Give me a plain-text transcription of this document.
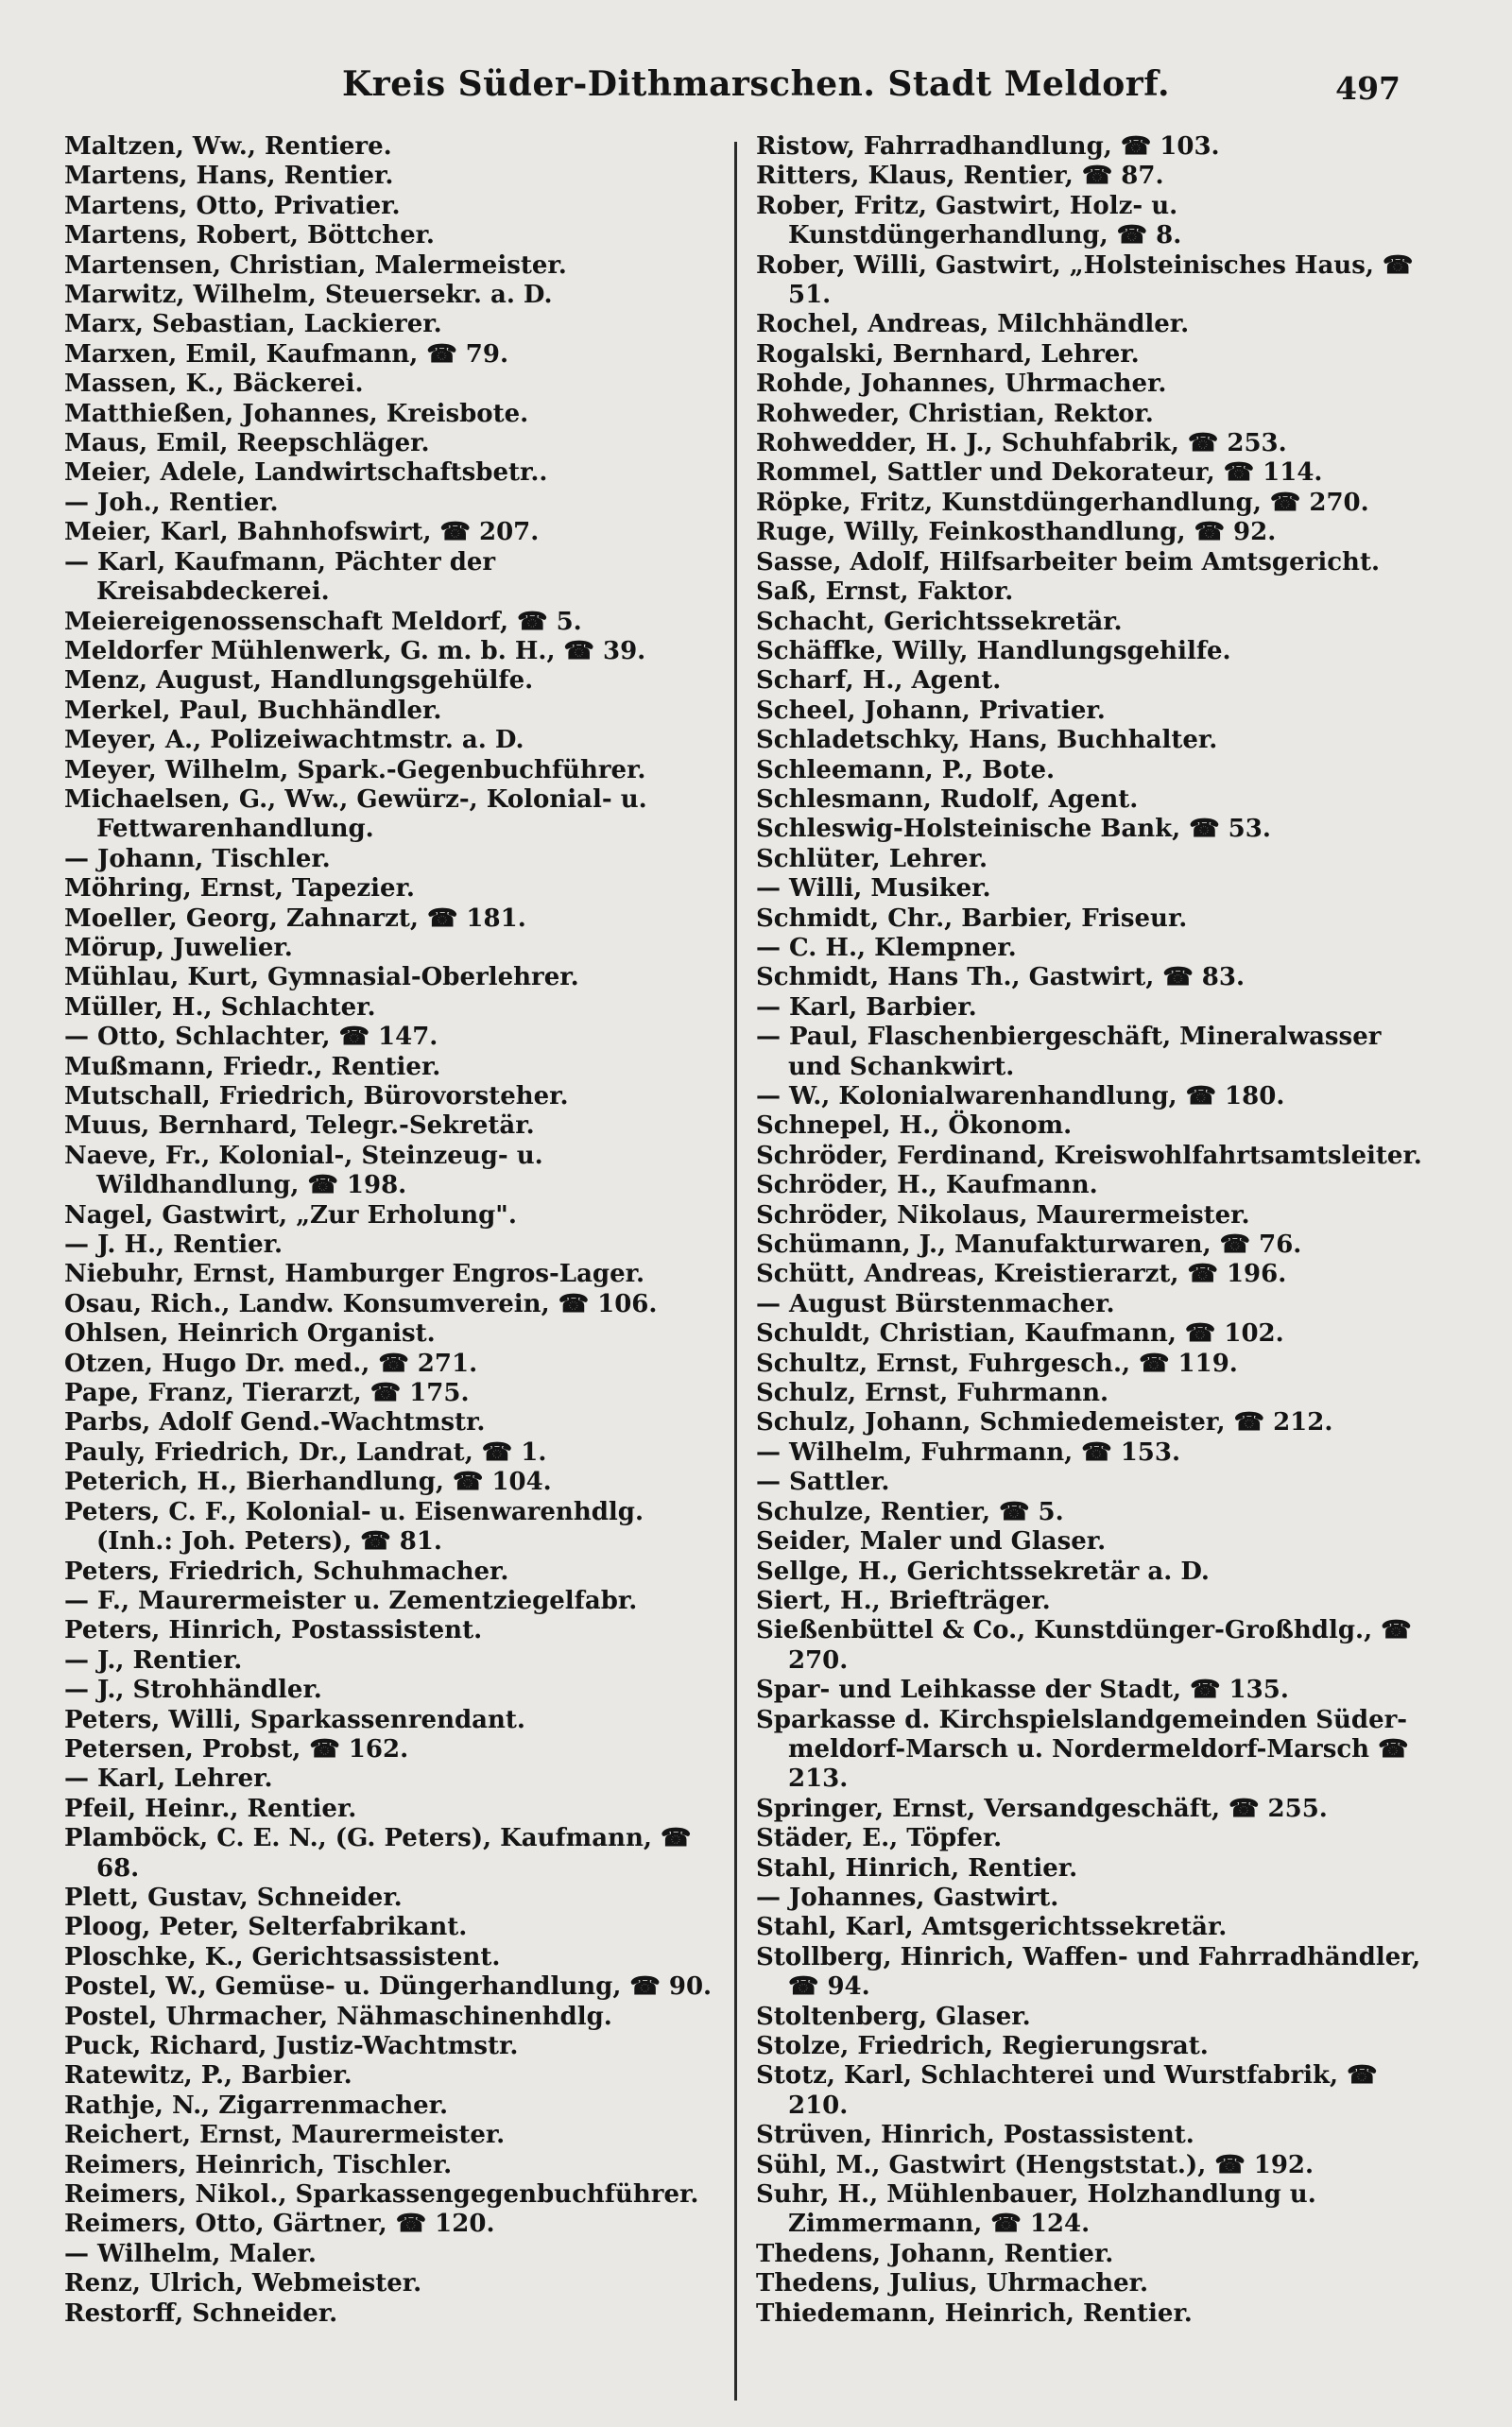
Kreis Süder-Dithmarschen. Stadt Meldorf.	497
Maltzen, Ww., Rentiere.
Martens, Hans, Rentier.
Martens, Otto, Privatier.
Martens, Robert, Böttcher.
Martensen, Christian, Malermeister.
Marwitz, Wilhelm, Steuersekr. a. D.
Marx, Sebastian, Lackierer.
Marxen, Emil, Kaufmann, ☎ 79.
Massen, K., Bäckerei.
Matthießen, Johannes, Kreisbote.
Maus, Emil, Reepschläger.
Meier, Adele, Landwirtschaftsbetr..
— Joh., Rentier.
Meier, Karl, Bahnhofswirt, ☎ 207.
— Karl, Kaufmann, Pächter der Kreisabdeckerei.
Meiereigenossenschaft Meldorf, ☎ 5.
Meldorfer Mühlenwerk, G. m. b. H., ☎ 39.
Menz, August, Handlungsgehülfe.
Merkel, Paul, Buchhändler.
Meyer, A., Polizeiwachtmstr. a. D.
Meyer, Wilhelm, Spark.-Gegenbuchführer.
Michaelsen, G., Ww., Gewürz-, Kolonial- u. Fettwarenhandlung.
— Johann, Tischler.
Möhring, Ernst, Tapezier.
Moeller, Georg, Zahnarzt, ☎ 181.
Mörup, Juwelier.
Mühlau, Kurt, Gymnasial-Oberlehrer.
Müller, H., Schlachter.
— Otto, Schlachter, ☎ 147.
Mußmann, Friedr., Rentier.
Mutschall, Friedrich, Bürovorsteher.
Muus, Bernhard, Telegr.-Sekretär.
Naeve, Fr., Kolonial-, Steinzeug- u. Wildhandlung, ☎ 198.
Nagel, Gastwirt, „Zur Erholung".
— J. H., Rentier.
Niebuhr, Ernst, Hamburger Engros-Lager.
Osau, Rich., Landw. Konsumverein, ☎ 106.
Ohlsen, Heinrich Organist.
Otzen, Hugo Dr. med., ☎ 271.
Pape, Franz, Tierarzt, ☎ 175.
Parbs, Adolf Gend.-Wachtmstr.
Pauly, Friedrich, Dr., Landrat, ☎ 1.
Peterich, H., Bierhandlung, ☎ 104.
Peters, C. F., Kolonial- u. Eisenwarenhdlg. (Inh.: Joh. Peters), ☎ 81.
Peters, Friedrich, Schuhmacher.
— F., Maurermeister u. Zementziegelfabr.
Peters, Hinrich, Postassistent.
— J., Rentier.
— J., Strohhändler.
Peters, Willi, Sparkassenrendant.
Petersen, Probst, ☎ 162.
— Karl, Lehrer.
Pfeil, Heinr., Rentier.
Plamböck, C. E. N., (G. Peters), Kaufmann, ☎ 68.
Plett, Gustav, Schneider.
Ploog, Peter, Selterfabrikant.
Ploschke, K., Gerichtsassistent.
Postel, W., Gemüse- u. Düngerhandlung, ☎ 90.
Postel, Uhrmacher, Nähmaschinenhdlg.
Puck, Richard, Justiz-Wachtmstr.
Ratewitz, P., Barbier.
Rathje, N., Zigarrenmacher.
Reichert, Ernst, Maurermeister.
Reimers, Heinrich, Tischler.
Reimers, Nikol., Sparkassengegenbuchführer.
Reimers, Otto, Gärtner, ☎ 120.
— Wilhelm, Maler.
Renz, Ulrich, Webmeister.
Restorff, Schneider.
Ristow, Fahrradhandlung, ☎ 103.
Ritters, Klaus, Rentier, ☎ 87.
Rober, Fritz, Gastwirt, Holz- u. Kunstdüngerhandlung, ☎ 8.
Rober, Willi, Gastwirt, „Holsteinisches Haus, ☎ 51.
Rochel, Andreas, Milchhändler.
Rogalski, Bernhard, Lehrer.
Rohde, Johannes, Uhrmacher.
Rohweder, Christian, Rektor.
Rohwedder, H. J., Schuhfabrik, ☎ 253.
Rommel, Sattler und Dekorateur, ☎ 114.
Röpke, Fritz, Kunstdüngerhandlung, ☎ 270.
Ruge, Willy, Feinkosthandlung, ☎ 92.
Sasse, Adolf, Hilfsarbeiter beim Amtsgericht.
Saß, Ernst, Faktor.
Schacht, Gerichtssekretär.
Schäffke, Willy, Handlungsgehilfe.
Scharf, H., Agent.
Scheel, Johann, Privatier.
Schladetschky, Hans, Buchhalter.
Schleemann, P., Bote.
Schlesmann, Rudolf, Agent.
Schleswig-Holsteinische Bank, ☎ 53.
Schlüter, Lehrer.
— Willi, Musiker.
Schmidt, Chr., Barbier, Friseur.
— C. H., Klempner.
Schmidt, Hans Th., Gastwirt, ☎ 83.
— Karl, Barbier.
— Paul, Flaschenbiergeschäft, Mineralwasser und Schankwirt.
— W., Kolonialwarenhandlung, ☎ 180.
Schnepel, H., Ökonom.
Schröder, Ferdinand, Kreiswohlfahrtsamtsleiter.
Schröder, H., Kaufmann.
Schröder, Nikolaus, Maurermeister.
Schümann, J., Manufakturwaren, ☎ 76.
Schütt, Andreas, Kreistierarzt, ☎ 196.
— August Bürstenmacher.
Schuldt, Christian, Kaufmann, ☎ 102.
Schultz, Ernst, Fuhrgesch., ☎ 119.
Schulz, Ernst, Fuhrmann.
Schulz, Johann, Schmiedemeister, ☎ 212.
— Wilhelm, Fuhrmann, ☎ 153.
— Sattler.
Schulze, Rentier, ☎ 5.
Seider, Maler und Glaser.
Sellge, H., Gerichtssekretär a. D.
Siert, H., Briefträger.
Sießenbüttel & Co., Kunstdünger-Großhdlg., ☎ 270.
Spar- und Leihkasse der Stadt, ☎ 135.
Sparkasse d. Kirchspielslandgemeinden Süder-meldorf-Marsch u. Nordermeldorf-Marsch ☎ 213.
Springer, Ernst, Versandgeschäft, ☎ 255.
Städer, E., Töpfer.
Stahl, Hinrich, Rentier.
— Johannes, Gastwirt.
Stahl, Karl, Amtsgerichtssekretär.
Stollberg, Hinrich, Waffen- und Fahrradhändler, ☎ 94.
Stoltenberg, Glaser.
Stolze, Friedrich, Regierungsrat.
Stotz, Karl, Schlachterei und Wurstfabrik, ☎ 210.
Strüven, Hinrich, Postassistent.
Sühl, M., Gastwirt (Hengststat.), ☎ 192.
Suhr, H., Mühlenbauer, Holzhandlung u. Zimmermann, ☎ 124.
Thedens, Johann, Rentier.
Thedens, Julius, Uhrmacher.
Thiedemann, Heinrich, Rentier.
